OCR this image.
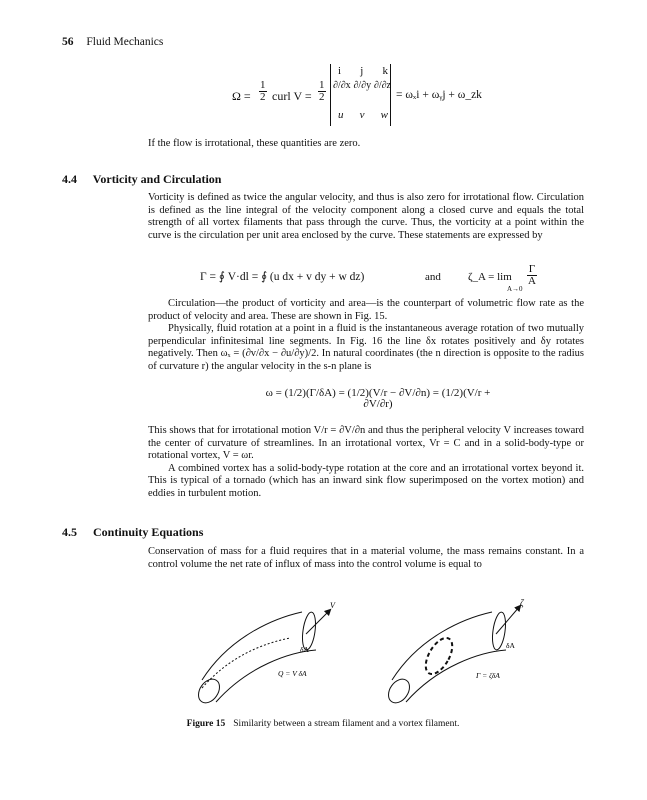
56 Fluid Mechanics
$\Omega = \frac{1}{2}$ curl $V = \frac{1}{2}$
i j k
∂/∂x ∂/∂y ∂/∂z
u v w
= ωₓi + ωᵧj + ω_zk

If the flow is irrotational, these quantities are zero.

4.4 Vorticity and Circulation

Vorticity is defined as twice the angular velocity, and thus is also zero for irrotational flow. Circulation is defined as the line integral of the velocity component along a closed curve and equals the total strength of all vortex filaments that pass through the curve. Thus, the vorticity at a point within the curve is the circulation per unit area enclosed by the curve. These statements are expressed by

Γ = ∮ V·dl = ∮ (u dx + v dy + w dz)	and ζ_A = lim
A→0
$\frac{\Gamma}{A}$

Circulation—the product of vorticity and area—is the counterpart of volumetric flow rate as the product of velocity and area. These are shown in Fig. 15.

Physically, fluid rotation at a point in a fluid is the instantaneous average rotation of two mutually perpendicular infinitesimal line segments. In Fig. 16 the line δx rotates positively and δy rotates negatively. Then ωₓ = (∂v/∂x − ∂u/∂y)/2. In natural coordinates (the n direction is opposite to the radius of curvature r) the angular velocity in the s-n plane is

ω = (1/2)(Γ/δA) = (1/2)(V/r − ∂V/∂n) = (1/2)(V/r + ∂V/∂r)

This shows that for irrotational motion V/r = ∂V/∂n and thus the peripheral velocity V increases toward the center of curvature of streamlines. In an irrotational vortex, Vr = C and in a solid-body-type or rotational vortex, V = ωr.

A combined vortex has a solid-body-type rotation at the core and an irrotational vortex beyond it. This is typical of a tornado (which has an inward sink flow superimposed on the vortex motion) and eddies in turbulent motion.

4.5 Continuity Equations

Conservation of mass for a fluid requires that in a material volume, the mass remains constant. In a control volume the net rate of influx of mass into the control volume is equal to

V
δA
Q = V δA
ζ
δA
Γ = ζδA
Figure 15 Similarity between a stream filament and a vortex filament.
